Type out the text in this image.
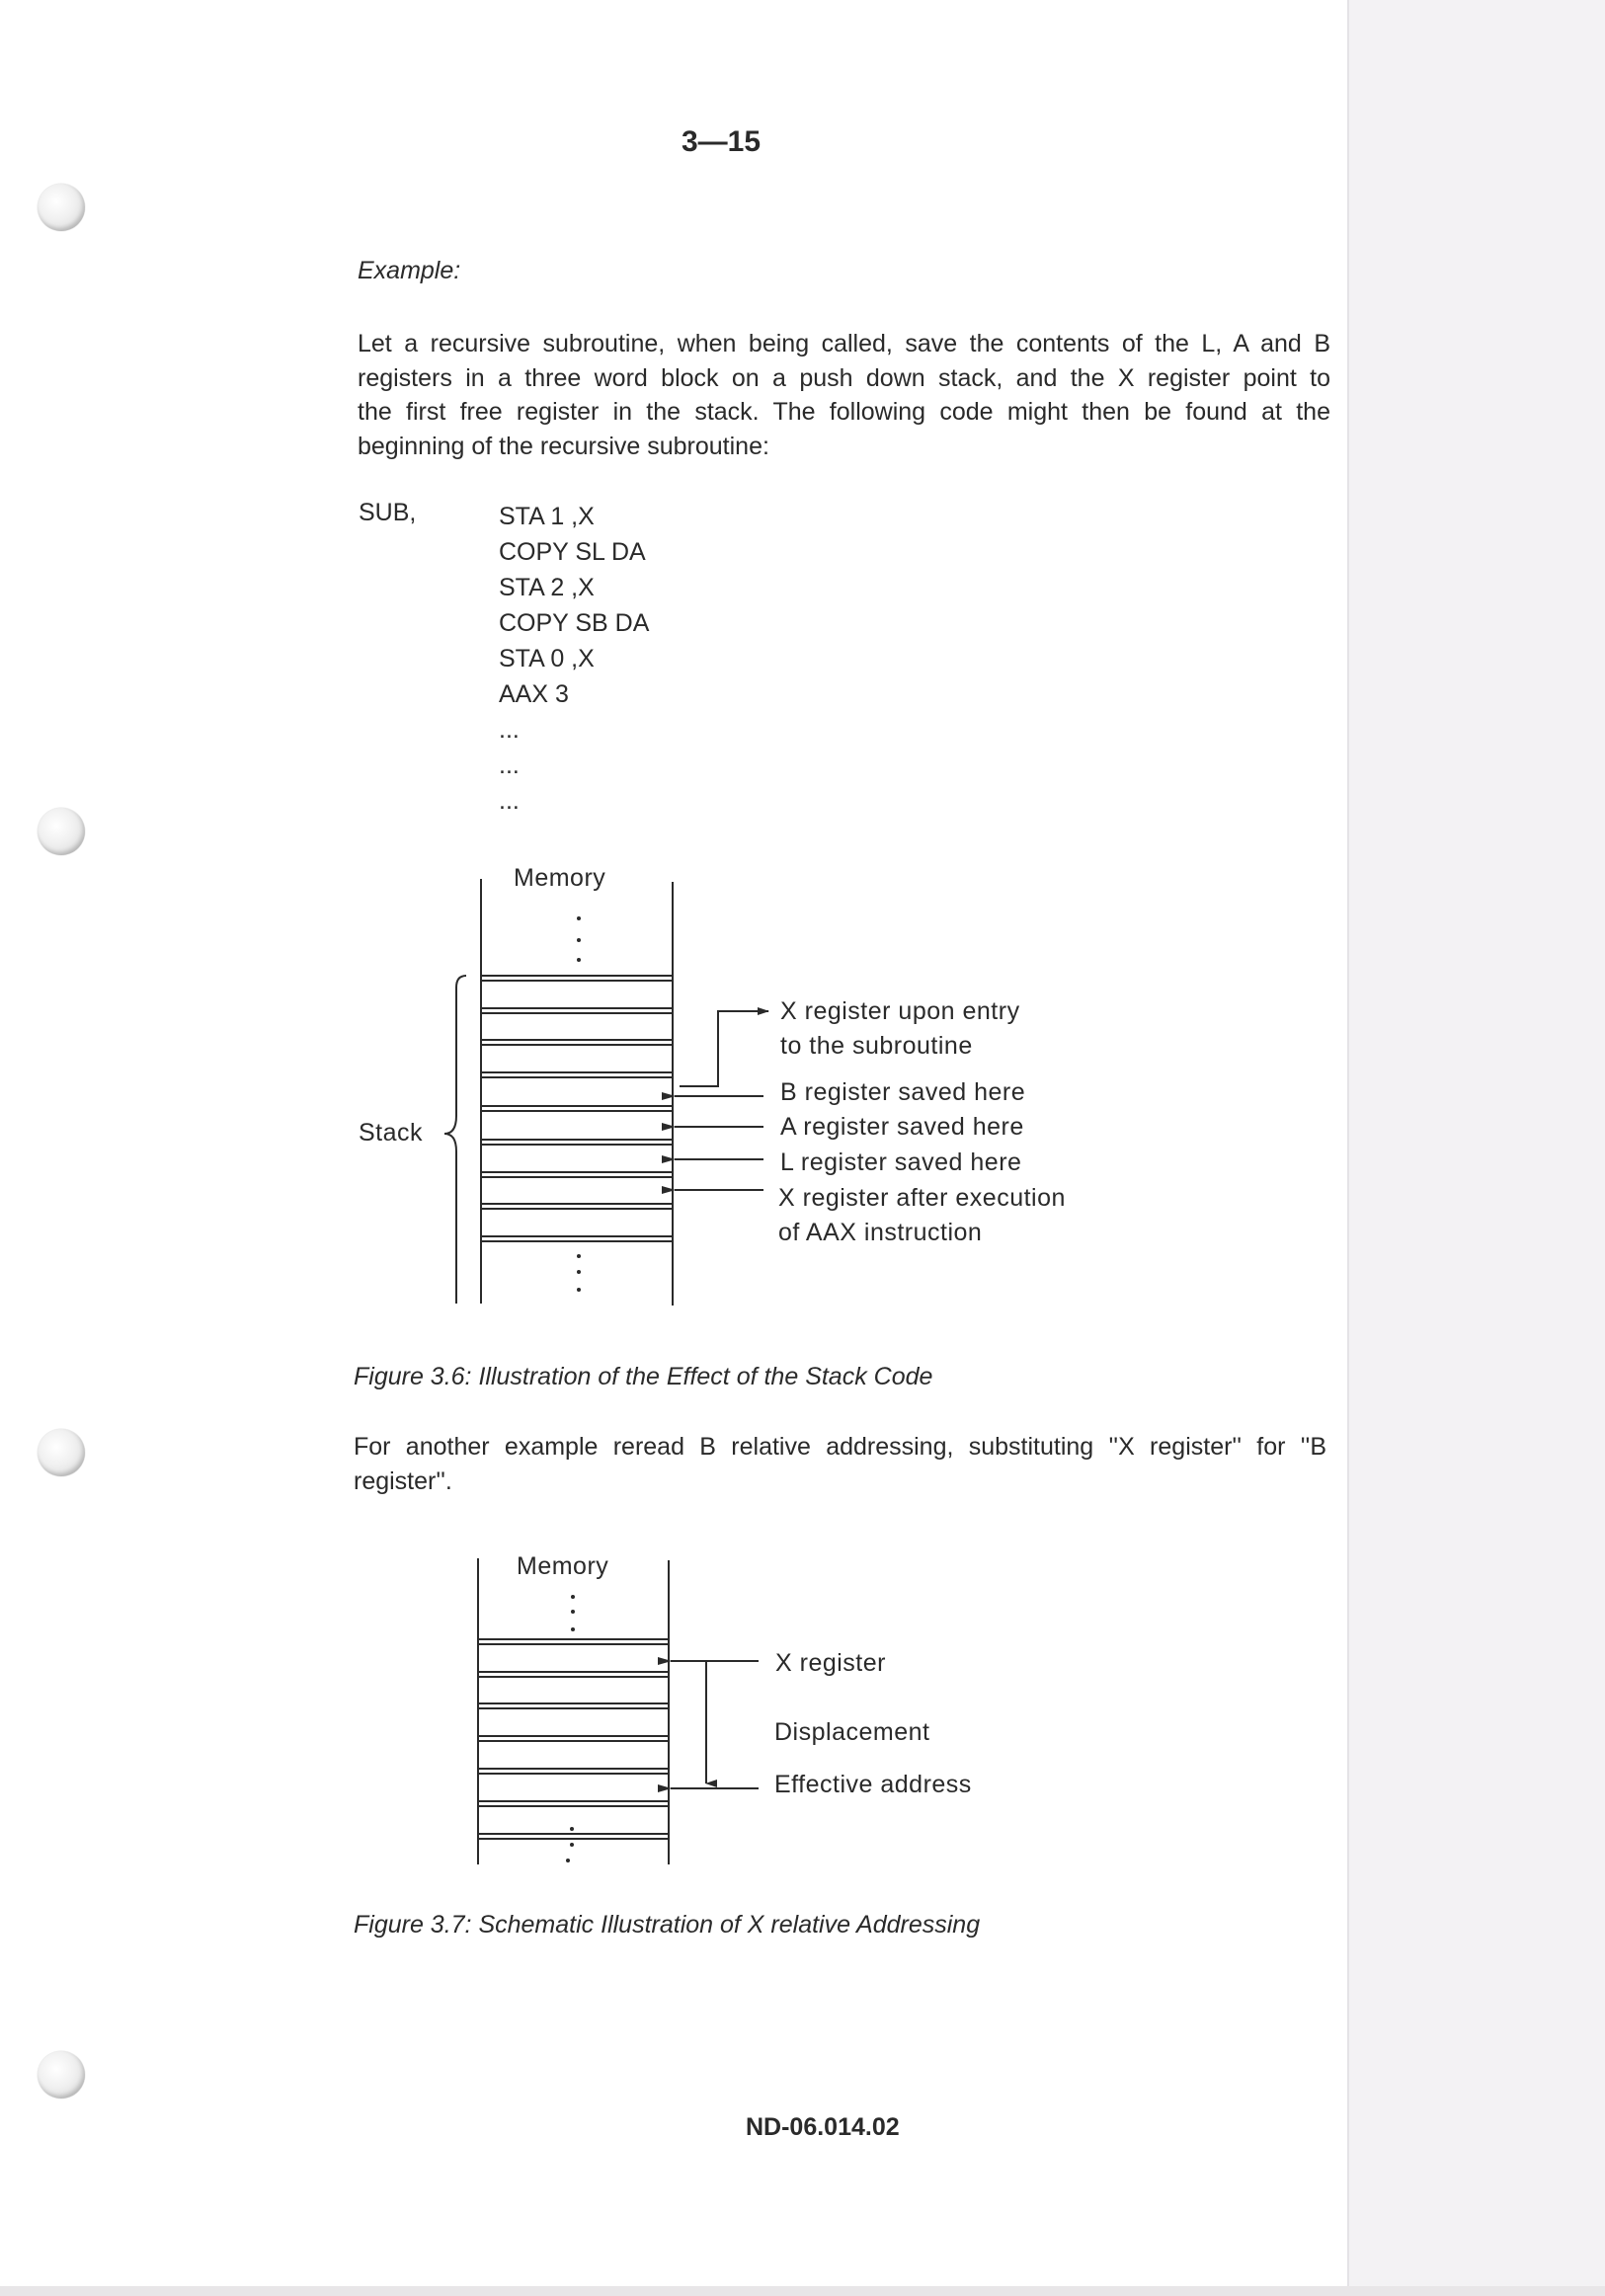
3—15

Example:

Let a recursive subroutine, when being called, save the contents of the L, A and B
registers in a three word block on a push down stack, and the X register point to
the first free register in the stack. The following code might then be found at the
beginning of the recursive subroutine:

SUB,	STA 1 ,X
COPY SL DA
STA 2 ,X
COPY SB DA
STA 0 ,X
AAX 3
...
...
...

Memory

Stack

X register upon entry

to the subroutine

B register saved here

A register saved here

L register saved here

X register after execution

of AAX instruction

Figure 3.6: Illustration of the Effect of the Stack Code

For another example reread B relative addressing, substituting ''X register'' for ''B
register''.

Memory

X register

Displacement

Effective address

Figure 3.7: Schematic Illustration of X relative Addressing

ND-06.014.02
